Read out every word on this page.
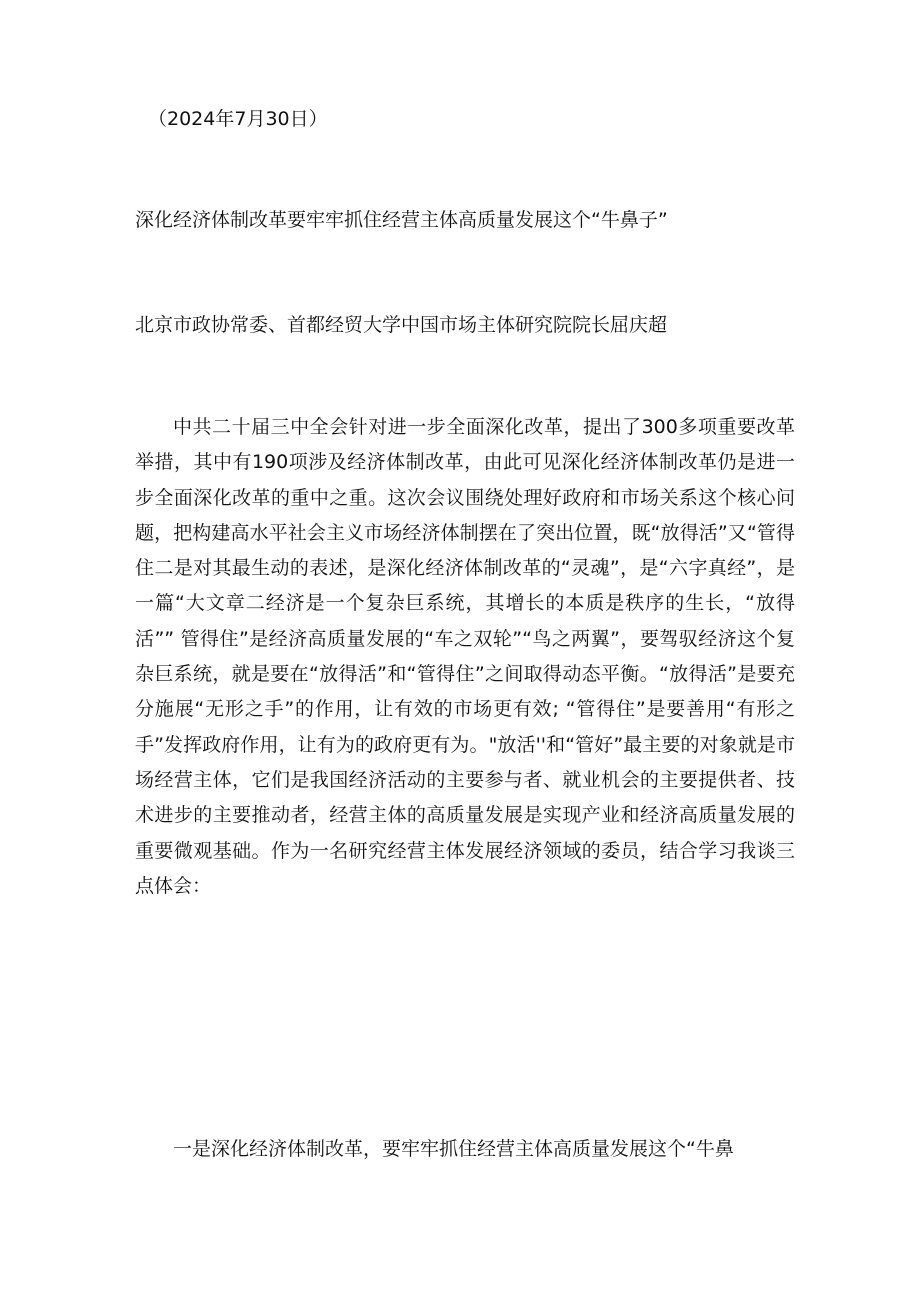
（2024年7月30日）
深化经济体制改革要牢牢抓住经营主体高质量发展这个“牛鼻子”
北京市政协常委、首都经贸大学中国市场主体研究院院长屈庆超
中共二十届三中全会针对进一步全面深化改革，提出了300多项重要改革举措，其中有190项涉及经济体制改革，由此可见深化经济体制改革仍是进一步全面深化改革的重中之重。这次会议围绕处理好政府和市场关系这个核心问题，把构建高水平社会主义市场经济体制摆在了突出位置，既“放得活”又“管得住二是对其最生动的表述，是深化经济体制改革的“灵魂”，是“六字真经”，是一篇“大文章二经济是一个复杂巨系统，其增长的本质是秩序的生长，“放得活”” 管得住”是经济高质量发展的“车之双轮”“鸟之两翼”，要驾驭经济这个复杂巨系统，就是要在“放得活”和“管得住”之间取得动态平衡。“放得活”是要充分施展“无形之手”的作用，让有效的市场更有效; “管得住”是要善用“有形之手”发挥政府作用，让有为的政府更有为。"放活''和“管好”最主要的对象就是市场经营主体，它们是我国经济活动的主要参与者、就业机会的主要提供者、技术进步的主要推动者，经营主体的高质量发展是实现产业和经济高质量发展的重要微观基础。作为一名研究经营主体发展经济领域的委员，结合学习我谈三点体会：
一是深化经济体制改革，要牢牢抓住经营主体高质量发展这个“牛鼻
